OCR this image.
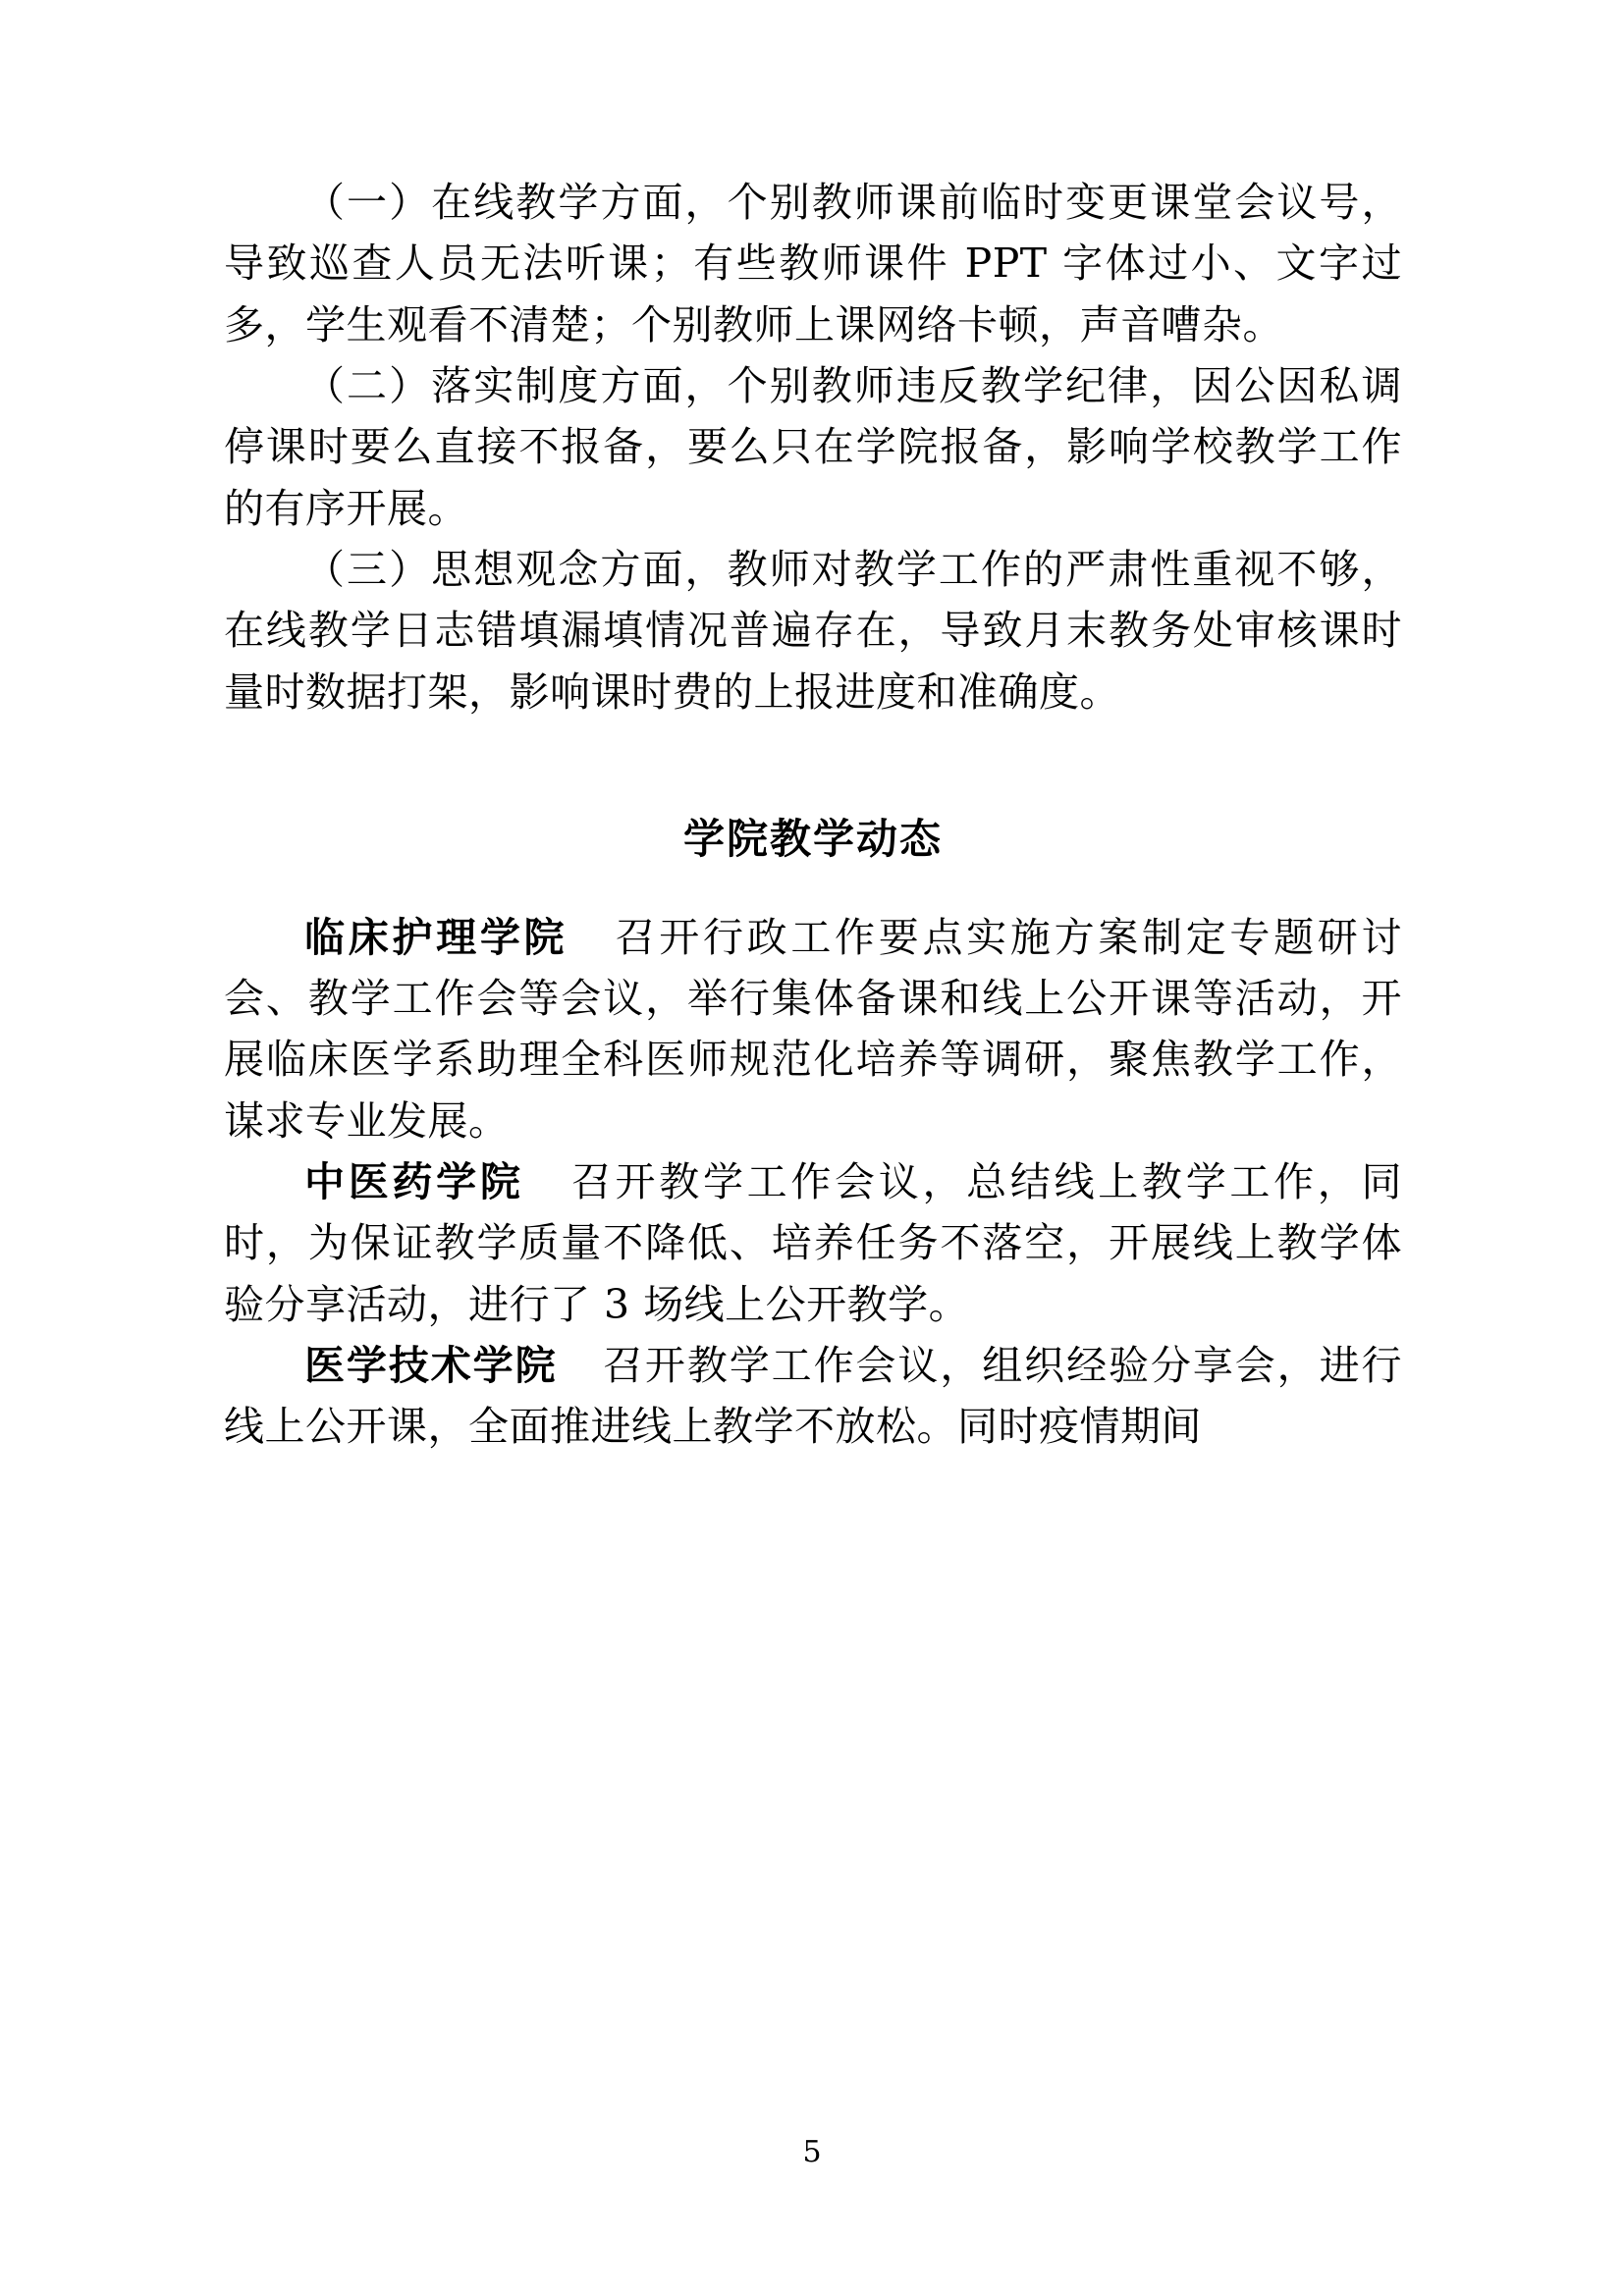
（一）在线教学方面，个别教师课前临时变更课堂会议号，导致巡查人员无法听课；有些教师课件 PPT 字体过小、文字过多，学生观看不清楚；个别教师上课网络卡顿，声音嘈杂。

（二）落实制度方面，个别教师违反教学纪律，因公因私调停课时要么直接不报备，要么只在学院报备，影响学校教学工作的有序开展。

（三）思想观念方面，教师对教学工作的严肃性重视不够，在线教学日志错填漏填情况普遍存在，导致月末教务处审核课时量时数据打架，影响课时费的上报进度和准确度。

学院教学动态

临床护理学院 召开行政工作要点实施方案制定专题研讨会、教学工作会等会议，举行集体备课和线上公开课等活动，开展临床医学系助理全科医师规范化培养等调研，聚焦教学工作，谋求专业发展。

中医药学院 召开教学工作会议，总结线上教学工作，同时，为保证教学质量不降低、培养任务不落空，开展线上教学体验分享活动，进行了 3 场线上公开教学。

医学技术学院 召开教学工作会议，组织经验分享会，进行线上公开课，全面推进线上教学不放松。同时疫情期间

5
